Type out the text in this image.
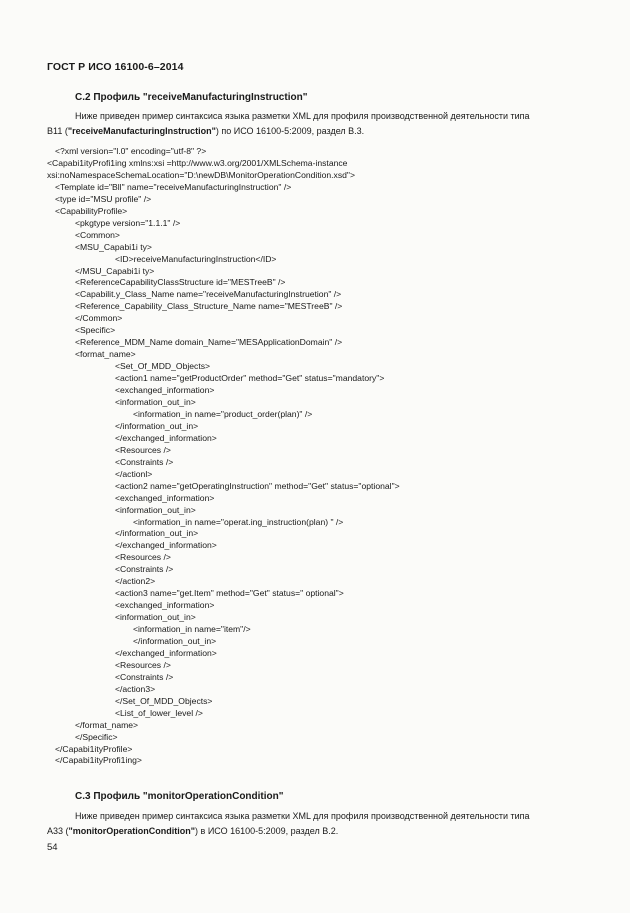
ГОСТ Р ИСО 16100-6–2014
С.2 Профиль "receiveManufacturingInstruction"
Ниже приведен пример синтаксиса языка разметки XML для профиля производственной деятельности типа
В11 ("receiveManufacturingInstruction") по ИСО 16100-5:2009, раздел В.3.
<?xml version="l.0" encoding="utf-8" ?>
<Capabi1ityProfi1ing xmlns:xsi =http://www.w3.org/2001/XMLSchema-instance
xsi:noNamespaceSchemaLocation="D:\newDB\MonitorOperationCondition.xsd">
<Template id="Bll" name="receiveManufacturingInstruction" />
<type id="MSU profile" />
<CapabilityProfile>
<pkgtype version="1.1.1" />
<Common>
<MSU_Capabi1i ty>
<ID>receiveManufacturingInstruction</ID>
</MSU_Capabi1i ty>
<ReferenceCapabilityClassStructure id="MESTreeB" />
<Capabilit.y_Class_Name name="receiveManufacturingInstruetion" />
<Reference_Capability_Class_Structure_Name name="MESTreeB" />
</Common>
<Specific>
<Reference_MDM_Name domain_Name="MESApplicationDomain" />
<format_name>
<Set_Of_MDD_Objects>
<action1 name="getProductOrder" method="Get" status="mandatory">
<exchanged_information>
<information_out_in>
<information_in name="product_order(plan)" />
</information_out_in>
</exchanged_information>
<Resources />
<Constraints />
</actionl>
<action2 name="getOperatingInstruction" method="Get" status="optional">
<exchanged_information>
<information_out_in>
<information_in name="operat.ing_instruction(plan) " />
</information_out_in>
</exchanged_information>
<Resources />
<Constraints />
</action2>
<action3 name="get.Item" method="Get" status=" optional">
<exchanged_information>
<information_out_in>
<information_in name="item"/>
</information_out_in>
</exchanged_information>
<Resources />
<Constraints />
</action3>
</Set_Of_MDD_Objects>
<List_of_lower_level />
</format_name>
</Specific>
</Capabi1ityProfile>
</Capabi1ityProfi1ing>
С.3 Профиль "monitorOperationCondition"
Ниже приведен пример синтаксиса языка разметки XML для профиля производственной деятельности типа
А33 ("monitorOperationCondition") в ИСО 16100-5:2009, раздел В.2.
54
